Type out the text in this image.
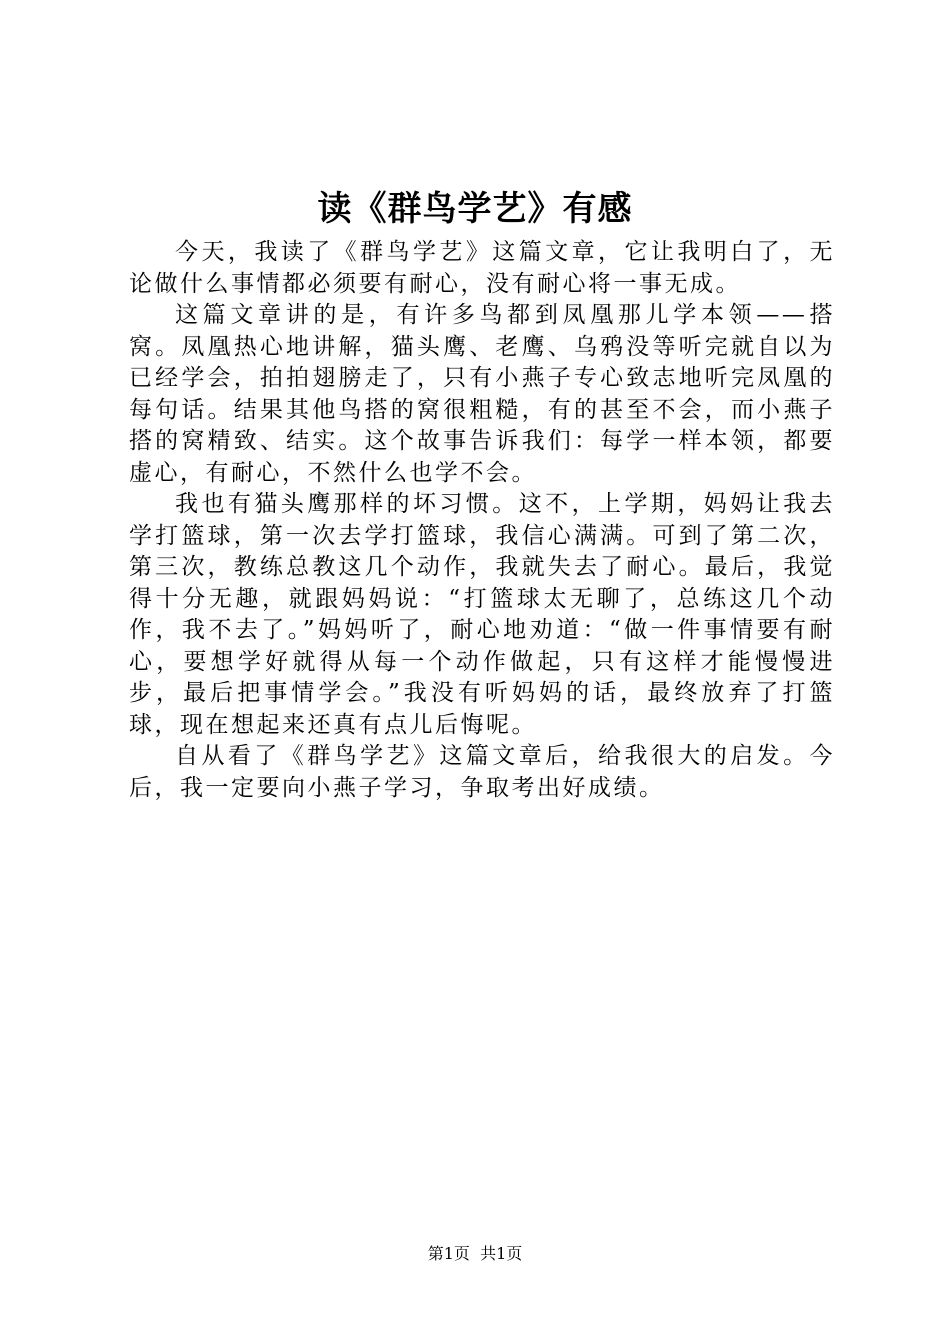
读《群鸟学艺》有感

今天，我读了《群鸟学艺》这篇文章，它让我明白了，无论做什么事情都必须要有耐心，没有耐心将一事无成。

这篇文章讲的是，有许多鸟都到凤凰那儿学本领——搭窝。凤凰热心地讲解，猫头鹰、老鹰、乌鸦没等听完就自以为已经学会，拍拍翅膀走了，只有小燕子专心致志地听完凤凰的每句话。结果其他鸟搭的窝很粗糙，有的甚至不会，而小燕子搭的窝精致、结实。这个故事告诉我们：每学一样本领，都要虚心，有耐心，不然什么也学不会。

我也有猫头鹰那样的坏习惯。这不，上学期，妈妈让我去学打篮球，第一次去学打篮球，我信心满满。可到了第二次，第三次，教练总教这几个动作，我就失去了耐心。最后，我觉得十分无趣，就跟妈妈说：“打篮球太无聊了，总练这几个动作，我不去了。”妈妈听了，耐心地劝道：“做一件事情要有耐心，要想学好就得从每一个动作做起，只有这样才能慢慢进步，最后把事情学会。”我没有听妈妈的话，最终放弃了打篮球，现在想起来还真有点儿后悔呢。

自从看了《群鸟学艺》这篇文章后，给我很大的启发。今后，我一定要向小燕子学习，争取考出好成绩。

第1页  共1页
